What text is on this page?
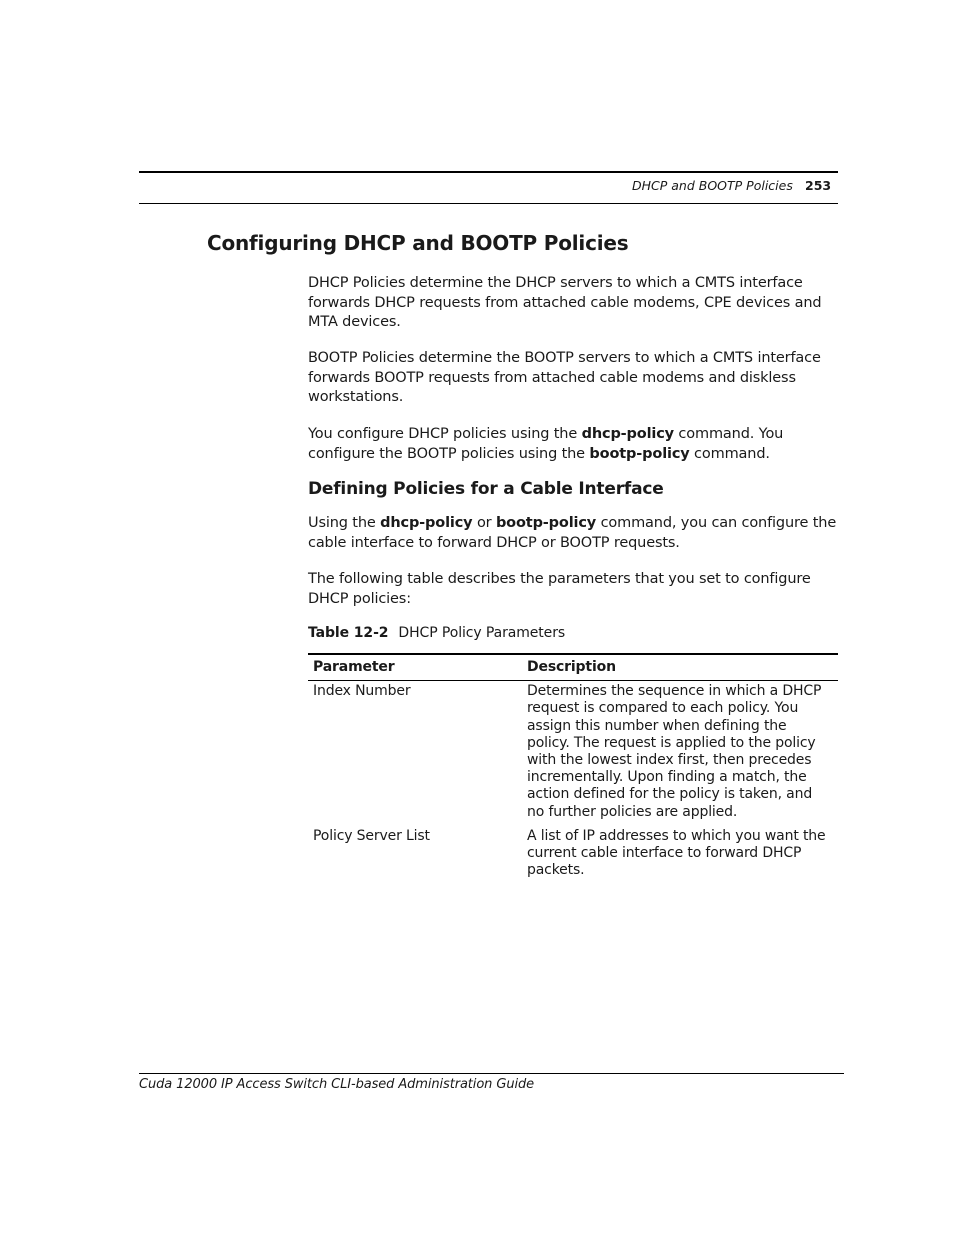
DHCP and BOOTP Policies 253
Configuring DHCP and BOOTP Policies

DHCP Policies determine the DHCP servers to which a CMTS interface forwards DHCP requests from attached cable modems, CPE devices and MTA devices.

BOOTP Policies determine the BOOTP servers to which a CMTS interface forwards BOOTP requests from attached cable modems and diskless workstations.

You configure DHCP policies using the dhcp-policy command. You configure the BOOTP policies using the bootp-policy command.

Defining Policies for a Cable Interface

Using the dhcp-policy or bootp-policy command, you can configure the cable interface to forward DHCP or BOOTP requests.

The following table describes the parameters that you set to configure DHCP policies:

Table 12-2 DHCP Policy Parameters
Parameter	Description
Index Number	Determines the sequence in which a DHCP request is compared to each policy. You assign this number when defining the policy. The request is applied to the policy with the lowest index first, then precedes incrementally. Upon finding a match, the action defined for the policy is taken, and no further policies are applied.
Policy Server List	A list of IP addresses to which you want the current cable interface to forward DHCP packets.
Cuda 12000 IP Access Switch CLI-based Administration Guide
